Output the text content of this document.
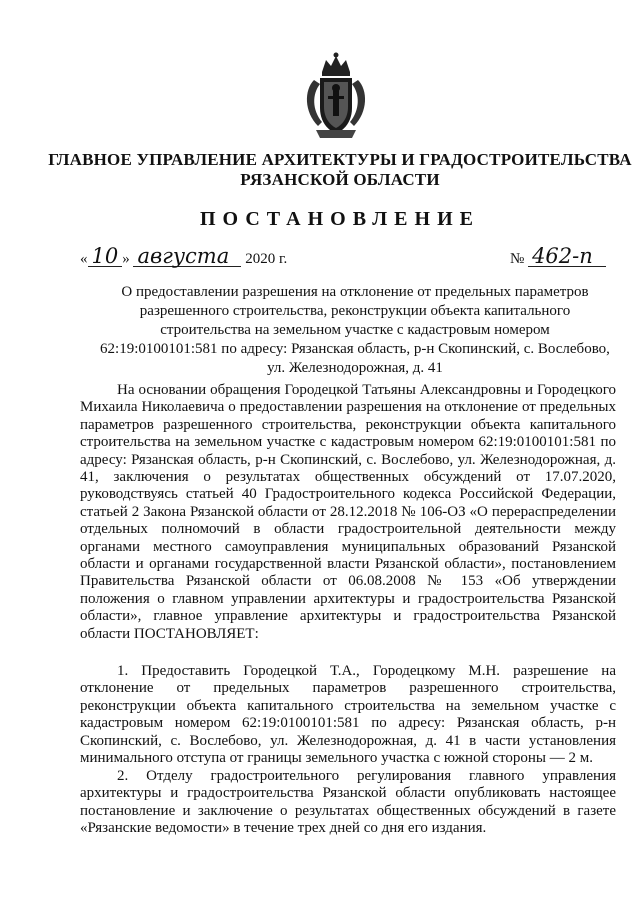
ГЛАВНОЕ УПРАВЛЕНИЕ АРХИТЕКТУРЫ И ГРАДОСТРОИТЕЛЬСТВА
РЯЗАНСКОЙ ОБЛАСТИ
ПОСТАНОВЛЕНИЕ
« 10 » августа 2020 г.	№ 462-п
О предоставлении разрешения на отклонение от предельных параметров разрешенного строительства, реконструкции объекта капитального строительства на земельном участке с кадастровым номером 62:19:0100101:581 по адресу: Рязанская область, р-н Скопинский, с. Вослебово, ул. Железнодорожная, д. 41
На основании обращения Городецкой Татьяны Александровны и Городецкого Михаила Николаевича о предоставлении разрешения на отклонение от предельных параметров разрешенного строительства, реконструкции объекта капитального строительства на земельном участке с кадастровым номером 62:19:0100101:581 по адресу: Рязанская область, р-н Скопинский, с. Вослебово, ул. Железнодорожная, д. 41, заключения о результатах общественных обсуждений от 17.07.2020, руководствуясь статьей 40 Градостроительного кодекса Российской Федерации, статьей 2 Закона Рязанской области от 28.12.2018 № 106-ОЗ «О перераспределении отдельных полномочий в области градостроительной деятельности между органами местного самоуправления муниципальных образований Рязанской области и органами государственной власти Рязанской области», постановлением Правительства Рязанской области от 06.08.2008 № 153 «Об утверждении положения о главном управлении архитектуры и градостроительства Рязанской области», главное управление архитектуры и градостроительства Рязанской области ПОСТАНОВЛЯЕТ:
1. Предоставить Городецкой Т.А., Городецкому М.Н. разрешение на отклонение от предельных параметров разрешенного строительства, реконструкции объекта капитального строительства на земельном участке с кадастровым номером 62:19:0100101:581 по адресу: Рязанская область, р-н Скопинский, с. Вослебово, ул. Железнодорожная, д. 41 в части установления минимального отступа от границы земельного участка с южной стороны — 2 м.
2. Отделу градостроительного регулирования главного управления архитектуры и градостроительства Рязанской области опубликовать настоящее постановление и заключение о результатах общественных обсуждений в газете «Рязанские ведомости» в течение трех дней со дня его издания.
